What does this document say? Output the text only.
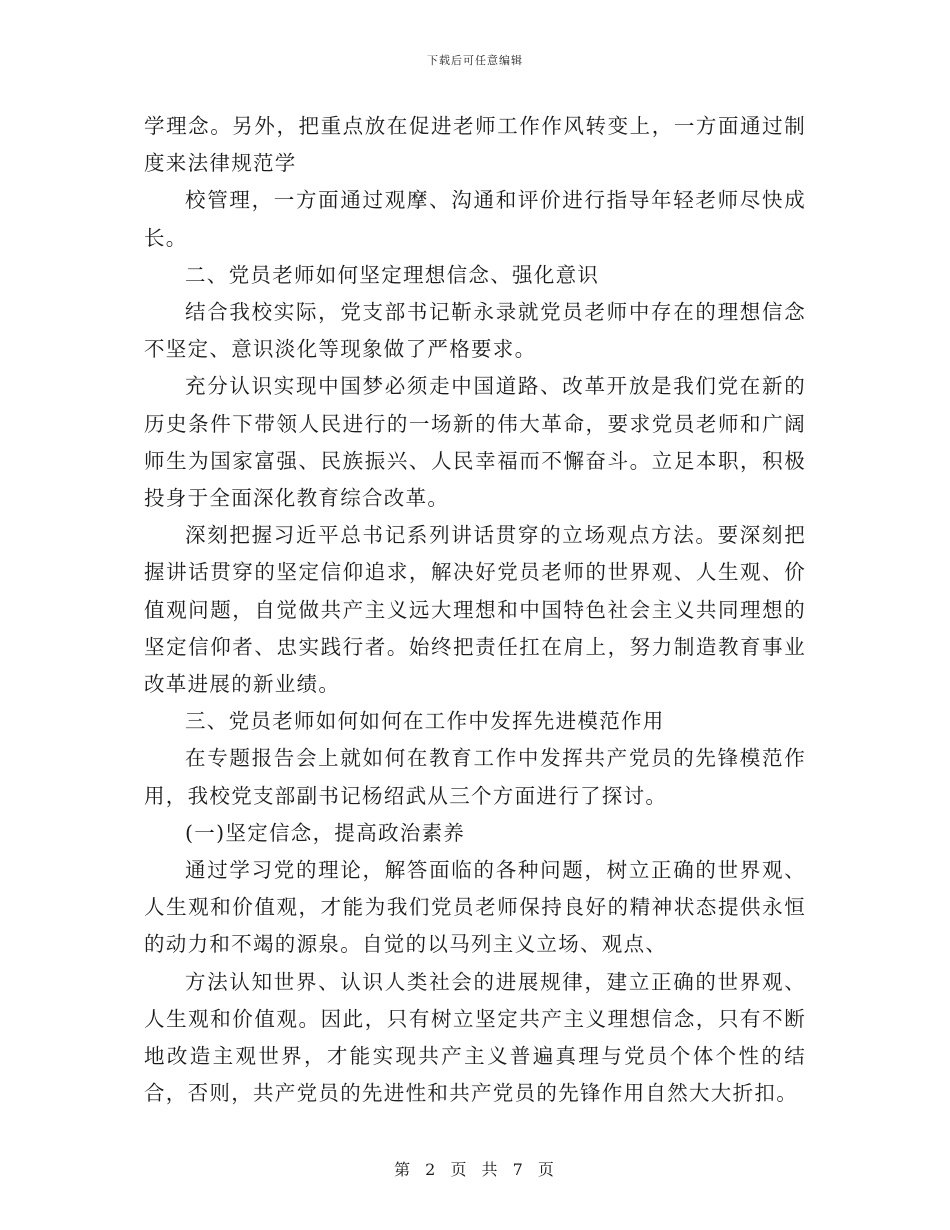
下载后可任意编辑

学理念。另外，把重点放在促进老师工作作风转变上，一方面通过制度来法律规范学

校管理，一方面通过观摩、沟通和评价进行指导年轻老师尽快成长。

二、党员老师如何坚定理想信念、强化意识

结合我校实际，党支部书记靳永录就党员老师中存在的理想信念不坚定、意识淡化等现象做了严格要求。

充分认识实现中国梦必须走中国道路、改革开放是我们党在新的历史条件下带领人民进行的一场新的伟大革命，要求党员老师和广阔师生为国家富强、民族振兴、人民幸福而不懈奋斗。立足本职，积极投身于全面深化教育综合改革。

深刻把握习近平总书记系列讲话贯穿的立场观点方法。要深刻把握讲话贯穿的坚定信仰追求，解决好党员老师的世界观、人生观、价值观问题，自觉做共产主义远大理想和中国特色社会主义共同理想的坚定信仰者、忠实践行者。始终把责任扛在肩上，努力制造教育事业改革进展的新业绩。

三、党员老师如何如何在工作中发挥先进模范作用

在专题报告会上就如何在教育工作中发挥共产党员的先锋模范作用，我校党支部副书记杨绍武从三个方面进行了探讨。

(一)坚定信念，提高政治素养

通过学习党的理论，解答面临的各种问题，树立正确的世界观、人生观和价值观，才能为我们党员老师保持良好的精神状态提供永恒的动力和不竭的源泉。自觉的以马列主义立场、观点、

方法认知世界、认识人类社会的进展规律，建立正确的世界观、人生观和价值观。因此，只有树立坚定共产主义理想信念，只有不断地改造主观世界，才能实现共产主义普遍真理与党员个体个性的结合，否则，共产党员的先进性和共产党员的先锋作用自然大大折扣。

第 2 页 共 7 页
